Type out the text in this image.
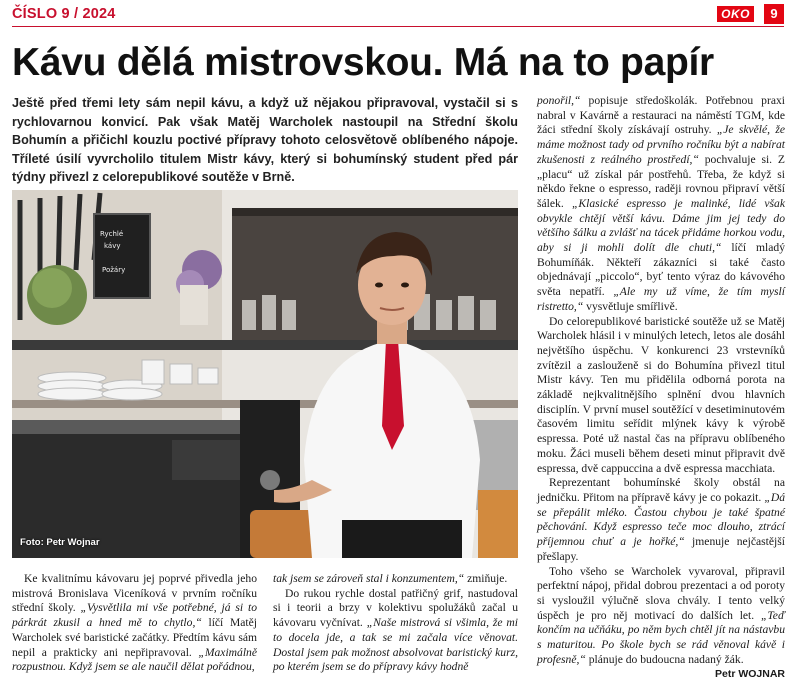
ČÍSLO 9 / 2024	OKO	9
Kávu dělá mistrovskou. Má na to papír

Ještě před třemi lety sám nepil kávu, a když už nějakou připravoval, vystačil si s rychlovarnou konvicí. Pak však Matěj Warcholek nastoupil na Střední školu Bohumín a přičichl kouzlu poctivé přípravy tohoto celosvětově oblíbeného nápoje. Tříleté úsilí vyvrcholilo titulem Mistr kávy, který si bohumínský student před pár týdny přivezl z celorepublikové soutěže v Brně.

Rychlé
kávy
Požáry
Foto: Petr Wojnar

Ke kvalitnímu kávovaru jej poprvé přivedla jeho mistrová Bronislava Viceníková v prvním ročníku střední školy. „Vysvětlila mi vše potřebné, já si to párkrát zkusil a hned mě to chytlo,“ líčí Matěj Warcholek své baristické začátky. Předtím kávu sám nepil a prakticky ani nepřipravoval. „Maximálně rozpustnou. Když jsem se ale naučil dělat pořádnou,

tak jsem se zároveň stal i konzumentem,“ zmiňuje.

Do rukou rychle dostal patřičný grif, nastudoval si i teorii a brzy v kolektivu spolužáků začal u kávovaru vyčnívat. „Naše mistrová si všimla, že mi to docela jde, a tak se mi začala více věnovat. Dostal jsem pak možnost absolvovat baristický kurz, po kterém jsem se do přípravy kávy hodně

ponořil,“ popisuje středoškolák. Potřebnou praxi nabral v Kavárně a restauraci na náměstí TGM, kde žáci střední školy získávají ostruhy. „Je skvělé, že máme možnost tady od prvního ročníku být a nabírat zkušenosti z reálného prostředí,“ pochvaluje si. Z „placu“ už získal pár postřehů. Třeba, že když si někdo řekne o espresso, raději rovnou připraví větší šálek. „Klasické espresso je malinké, lidé však obvykle chtějí větší kávu. Dáme jim jej tedy do většího šálku a zvlášť na tácek přidáme horkou vodu, aby si ji mohli dolít dle chuti,“ líčí mladý Bohumíňák. Někteří zákazníci si také často objednávají „piccolo“, byť tento výraz do kávového světa nepatří. „Ale my už víme, že tím myslí ristretto,“ vysvětluje smířlivě.

Do celorepublikové baristické soutěže už se Matěj Warcholek hlásil i v minulých letech, letos ale dosáhl největšího úspěchu. V konkurenci 23 vrstevníků zvítězil a zaslouženě si do Bohumína přivezl titul Mistr kávy. Ten mu přidělila odborná porota na základě nejkvalitnějšího splnění dvou hlavních disciplín. V první musel soutěžící v desetiminutovém časovém limitu seřídit mlýnek kávy k výrobě espressa. Poté už nastal čas na přípravu oblíbeného moku. Žáci museli během deseti minut připravit dvě espressa, dvě cappuccina a dvě espressa macchiata.

Reprezentant bohumínské školy obstál na jedničku. Přitom na přípravě kávy je co pokazit. „Dá se přepálit mléko. Častou chybou je také špatné pěchování. Když espresso teče moc dlouho, ztrácí příjemnou chuť a je hořké,“ jmenuje nejčastější přešlapy.

Toho všeho se Warcholek vyvaroval, připravil perfektní nápoj, přidal dobrou prezentaci a od poroty si vysloužil výlučně slova chvály. I tento velký úspěch je pro něj motivací do dalších let. „Teď končím na učňáku, po něm bych chtěl jít na nástavbu s maturitou. Po škole bych se rád věnoval kávě i profesně,“ plánuje do budoucna nadaný žák.

Petr WOJNAR
